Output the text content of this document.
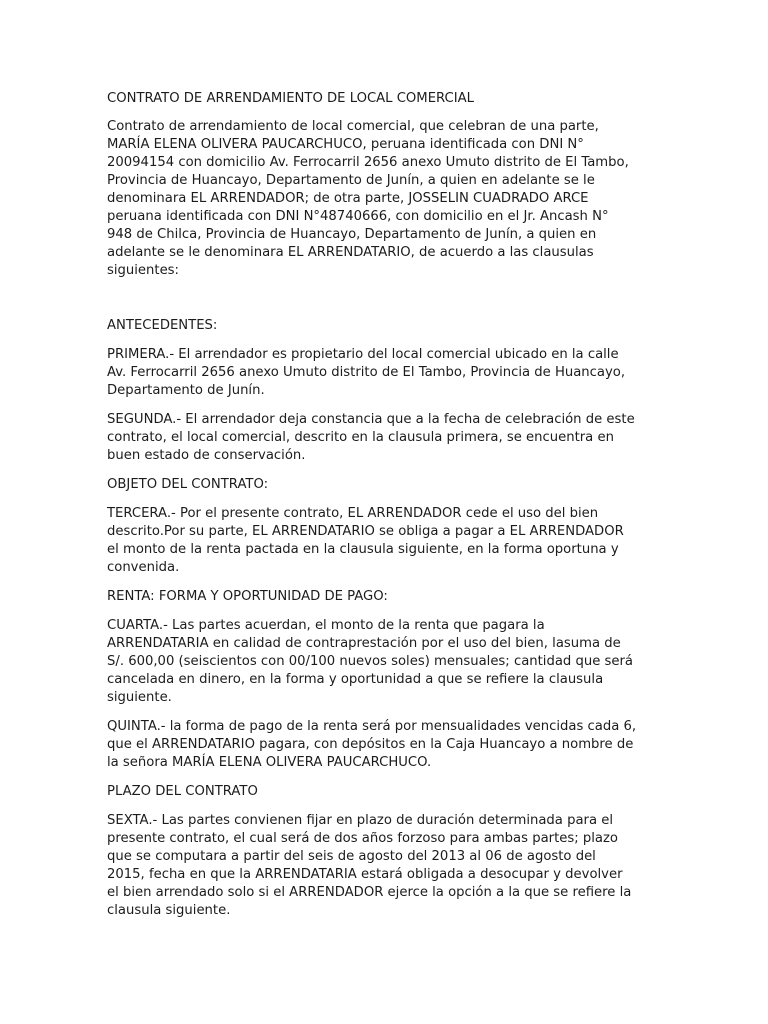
CONTRATO DE ARRENDAMIENTO DE LOCAL COMERCIAL

Contrato de arrendamiento de local comercial, que celebran de una parte,
MARÍA ELENA OLIVERA PAUCARCHUCO, peruana identificada con DNI N°
20094154 con domicilio Av. Ferrocarril 2656 anexo Umuto distrito de El Tambo,
Provincia de Huancayo, Departamento de Junín, a quien en adelante se le
denominara EL ARRENDADOR; de otra parte, JOSSELIN CUADRADO ARCE
peruana identificada con DNI N°48740666, con domicilio en el Jr. Ancash N°
948 de Chilca, Provincia de Huancayo, Departamento de Junín, a quien en
adelante se le denominara EL ARRENDATARIO, de acuerdo a las clausulas
siguientes:

ANTECEDENTES:

PRIMERA.- El arrendador es propietario del local comercial ubicado en la calle
Av. Ferrocarril 2656 anexo Umuto distrito de El Tambo, Provincia de Huancayo,
Departamento de Junín.

SEGUNDA.- El arrendador deja constancia que a la fecha de celebración de este
contrato, el local comercial, descrito en la clausula primera, se encuentra en
buen estado de conservación.

OBJETO DEL CONTRATO:

TERCERA.- Por el presente contrato, EL ARRENDADOR cede el uso del bien
descrito.Por su parte, EL ARRENDATARIO se obliga a pagar a EL ARRENDADOR
el monto de la renta pactada en la clausula siguiente, en la forma oportuna y
convenida.

RENTA: FORMA Y OPORTUNIDAD DE PAGO:

CUARTA.- Las partes acuerdan, el monto de la renta que pagara la
ARRENDATARIA en calidad de contraprestación por el uso del bien, lasuma de
S/. 600,00 (seiscientos con 00/100 nuevos soles) mensuales; cantidad que será
cancelada en dinero, en la forma y oportunidad a que se refiere la clausula
siguiente.

QUINTA.- la forma de pago de la renta será por mensualidades vencidas cada 6,
que el ARRENDATARIO pagara, con depósitos en la Caja Huancayo a nombre de
la señora MARÍA ELENA OLIVERA PAUCARCHUCO.

PLAZO DEL CONTRATO

SEXTA.- Las partes convienen fijar en plazo de duración determinada para el
presente contrato, el cual será de dos años forzoso para ambas partes; plazo
que se computara a partir del seis de agosto del 2013 al 06 de agosto del
2015, fecha en que la ARRENDATARIA estará obligada a desocupar y devolver
el bien arrendado solo si el ARRENDADOR ejerce la opción a la que se refiere la
clausula siguiente.
